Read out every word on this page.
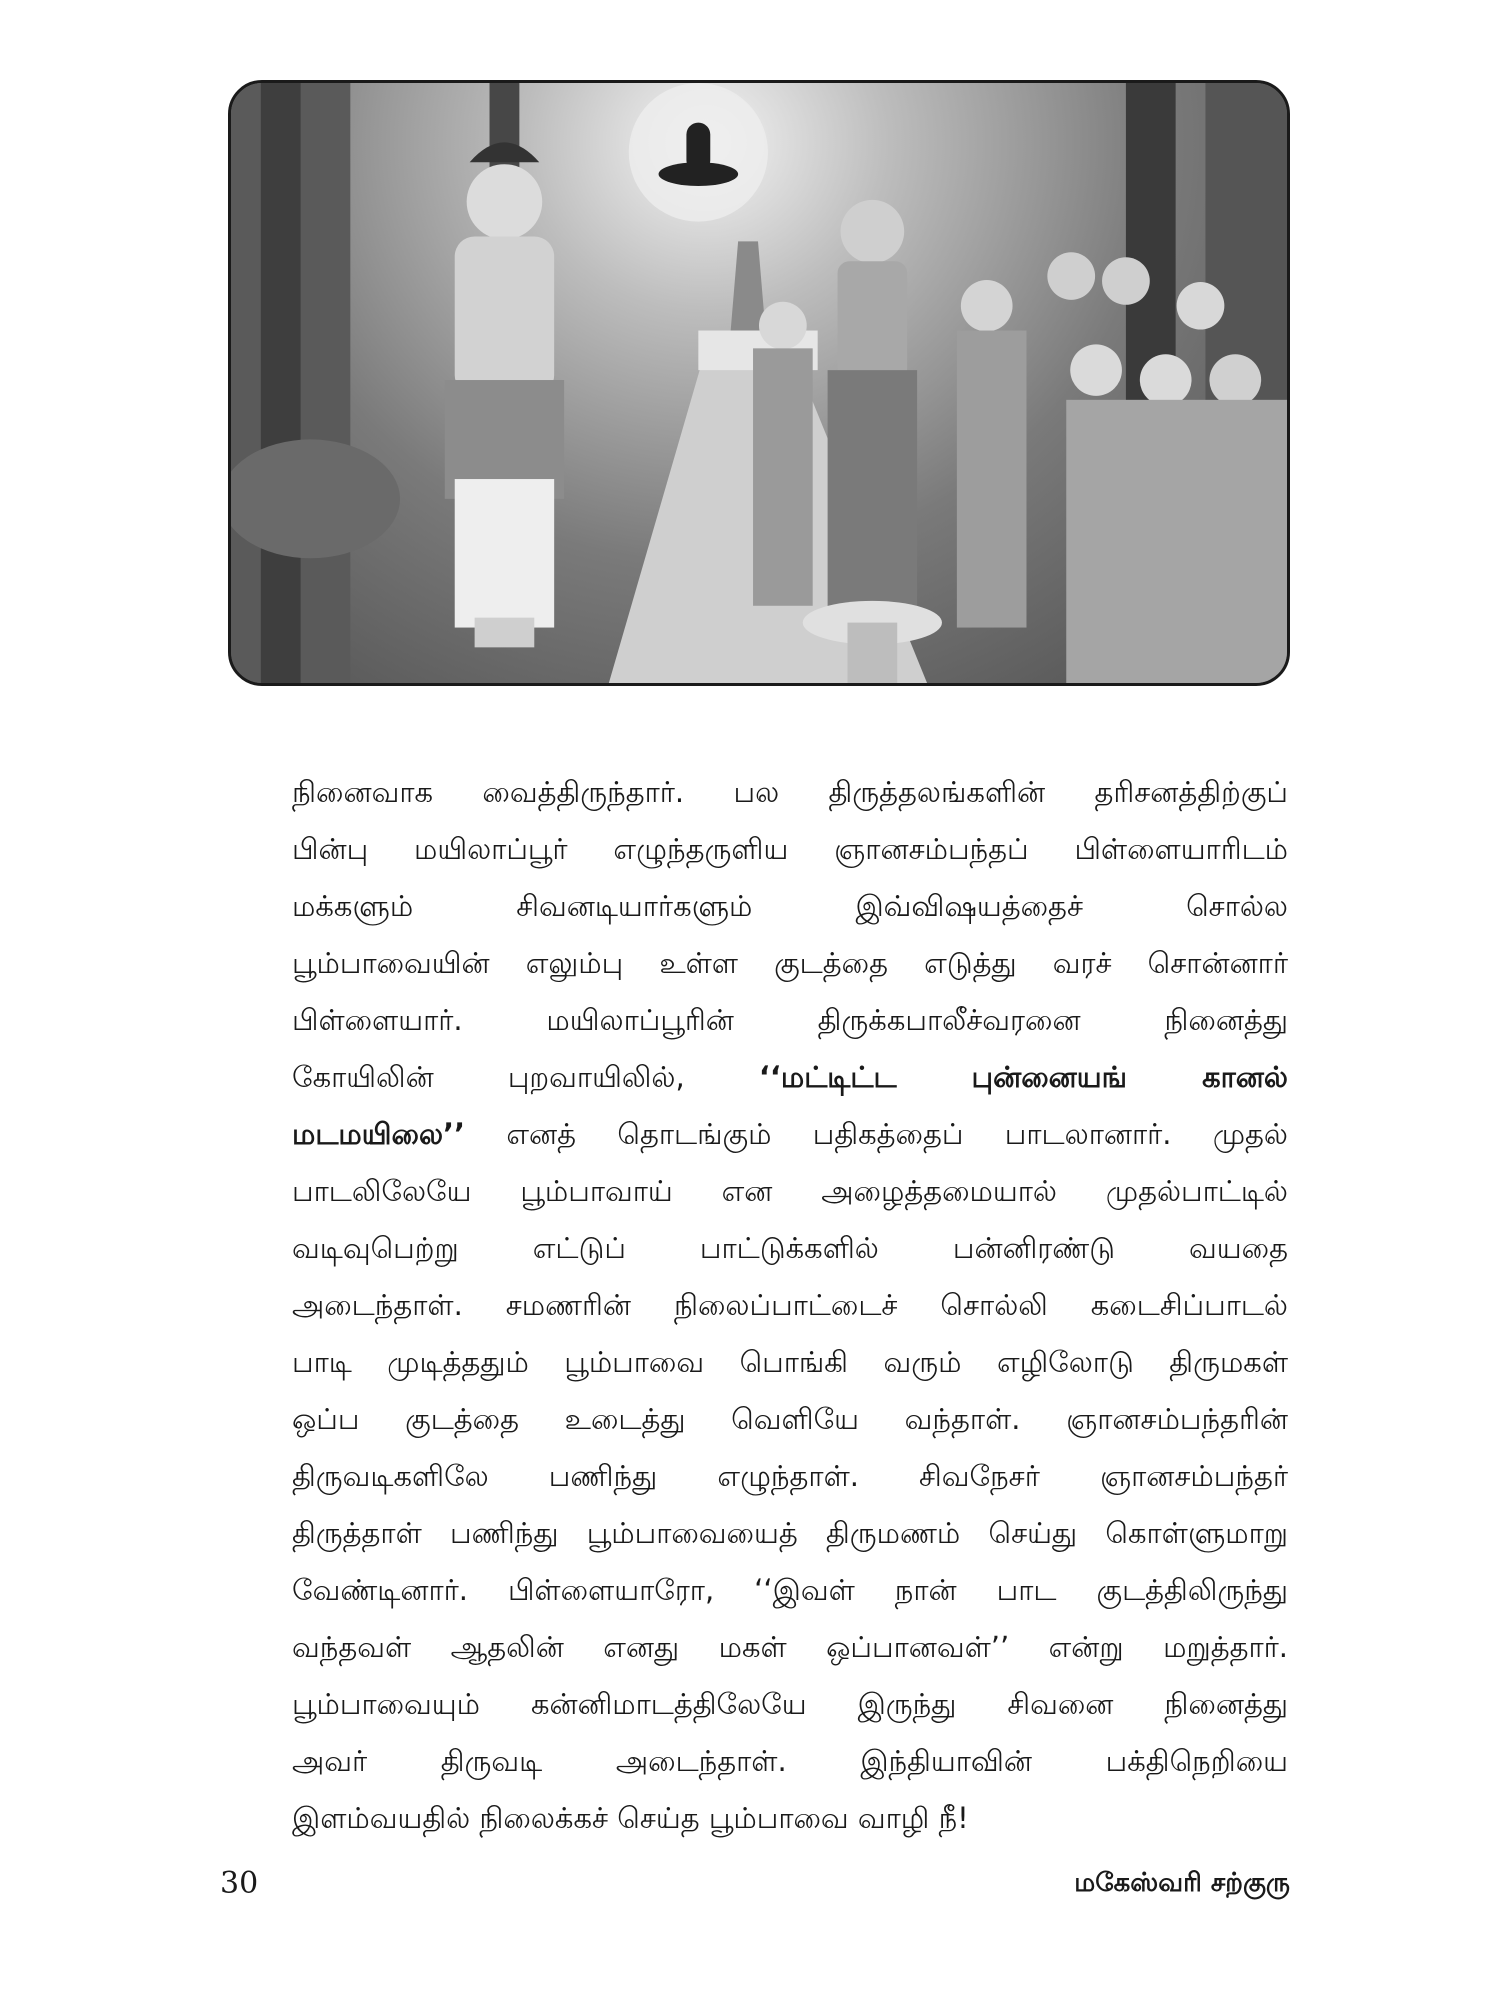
நினைவாக வைத்திருந்தார். பல திருத்தலங்களின் தரிசனத்திற்குப்
பின்பு மயிலாப்பூர் எழுந்தருளிய ஞானசம்பந்தப் பிள்ளையாரிடம்
மக்களும் சிவனடியார்களும் இவ்விஷயத்தைச் சொல்ல
பூம்பாவையின் எலும்பு உள்ள குடத்தை எடுத்து வரச் சொன்னார்
பிள்ளையார். மயிலாப்பூரின் திருக்கபாலீச்வரனை நினைத்து
கோயிலின் புறவாயிலில், ‘‘மட்டிட்ட புன்னையங் கானல்
மடமயிலை’’ எனத் தொடங்கும் பதிகத்தைப் பாடலானார். முதல்
பாடலிலேயே பூம்பாவாய் என அழைத்தமையால் முதல்பாட்டில்
வடிவுபெற்று எட்டுப் பாட்டுக்களில் பன்னிரண்டு வயதை
அடைந்தாள். சமணரின் நிலைப்பாட்டைச் சொல்லி கடைசிப்பாடல்
பாடி முடித்ததும் பூம்பாவை பொங்கி வரும் எழிலோடு திருமகள்
ஒப்ப குடத்தை உடைத்து வெளியே வந்தாள். ஞானசம்பந்தரின்
திருவடிகளிலே பணிந்து எழுந்தாள். சிவநேசர் ஞானசம்பந்தர்
திருத்தாள் பணிந்து பூம்பாவையைத் திருமணம் செய்து கொள்ளுமாறு
வேண்டினார். பிள்ளையாரோ, ‘‘இவள் நான் பாட குடத்திலிருந்து
வந்தவள் ஆதலின் எனது மகள் ஒப்பானவள்’’ என்று மறுத்தார்.
பூம்பாவையும் கன்னிமாடத்திலேயே இருந்து சிவனை நினைத்து
அவர் திருவடி அடைந்தாள். இந்தியாவின் பக்திநெறியை
இளம்வயதில் நிலைக்கச் செய்த பூம்பாவை வாழி நீ!

30	மகேஸ்வரி சற்குரு
